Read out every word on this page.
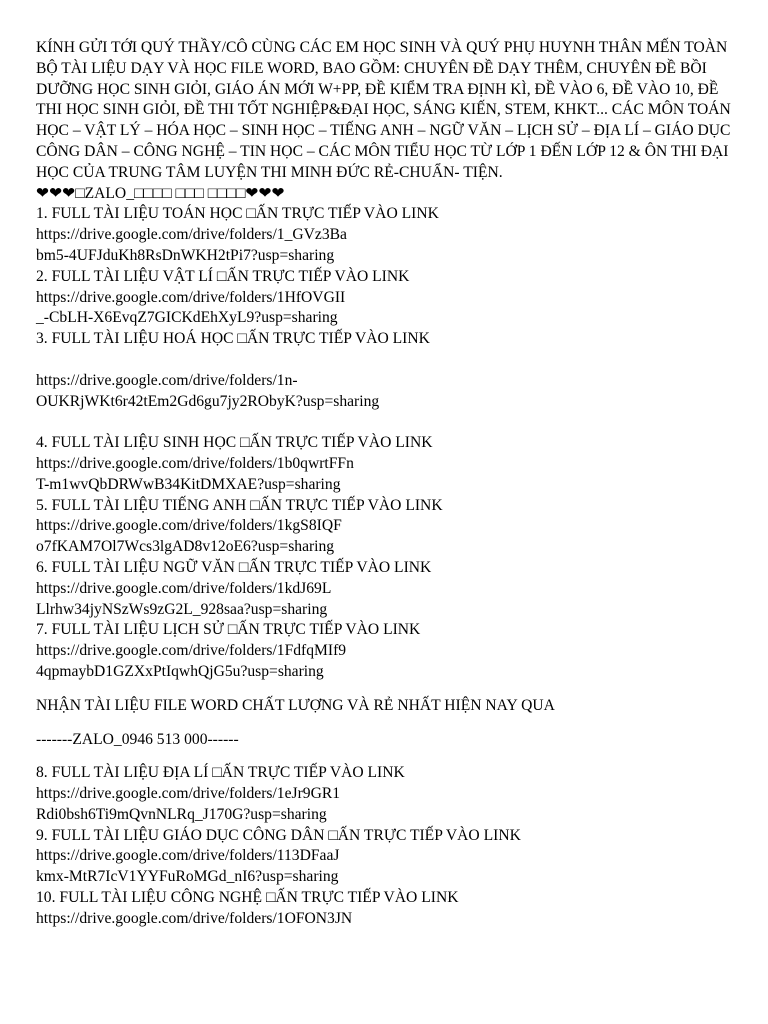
KÍNH GỬI TỚI QUÝ THẦY/CÔ CÙNG CÁC EM HỌC SINH VÀ QUÝ PHỤ HUYNH THÂN MẾN TOÀN BỘ TÀI LIỆU DẠY VÀ HỌC FILE WORD, BAO GỒM: CHUYÊN ĐỀ DẠY THÊM, CHUYÊN ĐỀ BỒI DƯỠNG HỌC SINH GIỎI, GIÁO ÁN MỚI W+PP, ĐỀ KIỂM TRA ĐỊNH KÌ, ĐỀ VÀO 6, ĐỀ VÀO 10, ĐỀ THI HỌC SINH GIỎI, ĐỀ THI TỐT NGHIỆP&ĐẠI HỌC, SÁNG KIẾN, STEM, KHKT... CÁC MÔN TOÁN HỌC – VẬT LÝ – HÓA HỌC – SINH HỌC – TIẾNG ANH – NGỮ VĂN – LỊCH SỬ – ĐỊA LÍ – GIÁO DỤC CÔNG DÂN – CÔNG NGHỆ – TIN HỌC – CÁC MÔN TIỂU HỌC TỪ LỚP 1 ĐẾN LỚP 12 & ÔN THI ĐẠI HỌC CỦA TRUNG TÂM LUYỆN THI MINH ĐỨC RẺ-CHUẨN- TIỆN.

❤❤❤□ZALO_□□□□ □□□ □□□□❤❤❤
1. FULL TÀI LIỆU TOÁN HỌC □ẤN TRỰC TIẾP VÀO LINK
https://drive.google.com/drive/folders/1_GVz3Ba
bm5-4UFJduKh8RsDnWKH2tPi7?usp=sharing
2. FULL TÀI LIỆU VẬT LÍ □ẤN TRỰC TIẾP VÀO LINK
https://drive.google.com/drive/folders/1HfOVGII
_-CbLH-X6EvqZ7GICKdEhXyL9?usp=sharing
3. FULL TÀI LIỆU HOÁ HỌC □ẤN TRỰC TIẾP VÀO LINK
https://drive.google.com/drive/folders/1n-
OUKRjWKt6r42tEm2Gd6gu7jy2RObyK?usp=sharing
4. FULL TÀI LIỆU SINH HỌC □ẤN TRỰC TIẾP VÀO LINK
https://drive.google.com/drive/folders/1b0qwrtFFn
T-m1wvQbDRWwB34KitDMXAE?usp=sharing
5. FULL TÀI LIỆU TIẾNG ANH □ẤN TRỰC TIẾP VÀO LINK
https://drive.google.com/drive/folders/1kgS8IQF
o7fKAM7Ol7Wcs3lgAD8v12oE6?usp=sharing
6. FULL TÀI LIỆU NGỮ VĂN □ẤN TRỰC TIẾP VÀO LINK
https://drive.google.com/drive/folders/1kdJ69L
Llrhw34jyNSzWs9zG2L_928saa?usp=sharing
7. FULL TÀI LIỆU LỊCH SỬ □ẤN TRỰC TIẾP VÀO LINK
https://drive.google.com/drive/folders/1FdfqMIf9
4qpmaybD1GZXxPtIqwhQjG5u?usp=sharing
NHẬN TÀI LIỆU FILE WORD CHẤT LƯỢNG VÀ RẺ NHẤT HIỆN NAY QUA
-------ZALO_0946 513 000------
8. FULL TÀI LIỆU ĐỊA LÍ □ẤN TRỰC TIẾP VÀO LINK
https://drive.google.com/drive/folders/1eJr9GR1
Rdi0bsh6Ti9mQvnNLRq_J170G?usp=sharing
9. FULL TÀI LIỆU GIÁO DỤC CÔNG DÂN □ẤN TRỰC TIẾP VÀO LINK
https://drive.google.com/drive/folders/113DFaaJ
kmx-MtR7IcV1YYFuRoMGd_nI6?usp=sharing
10. FULL TÀI LIỆU CÔNG NGHỆ □ẤN TRỰC TIẾP VÀO LINK
https://drive.google.com/drive/folders/1OFON3JN
